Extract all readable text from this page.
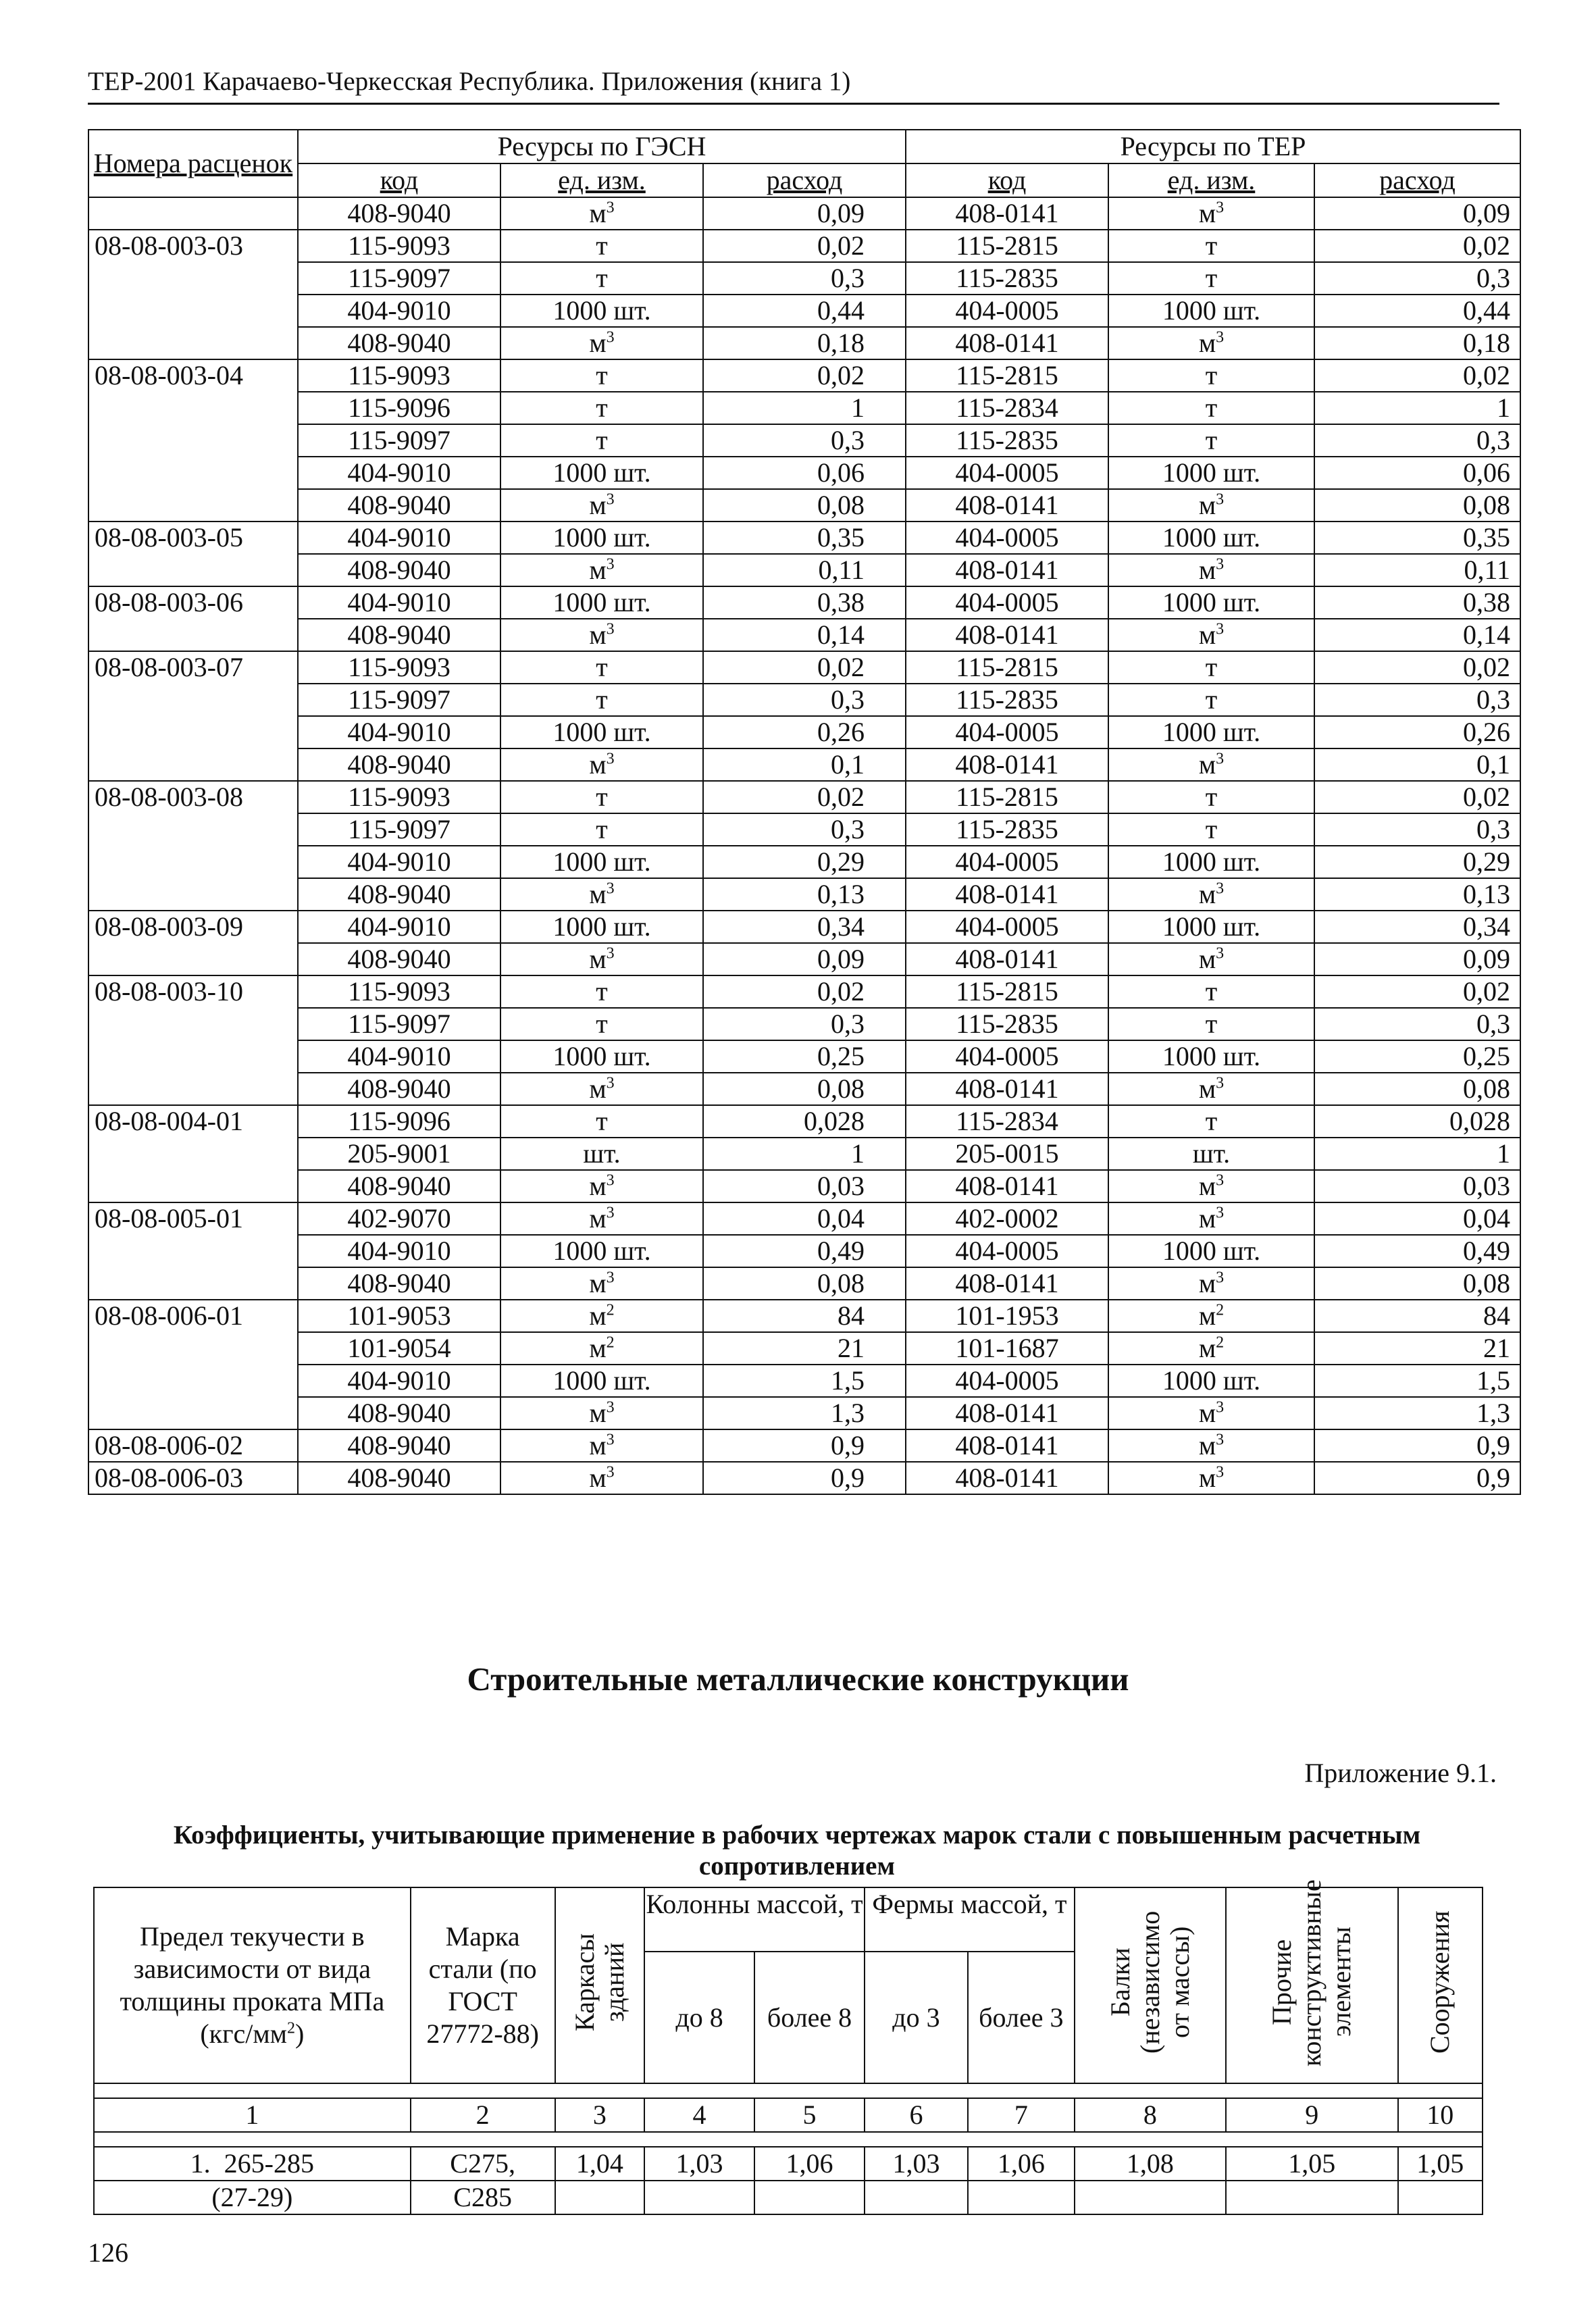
ТЕР-2001 Карачаево-Черкесская Республика. Приложения (книга 1)
Номера расценок	Ресурсы по ГЭСН			Ресурсы по ТЕР		
	код	ед. изм.	расход	код	ед. изм.	расход
	408-9040	$м^3$	0,09	408-0141	$м^3$	0,09
08-08-003-03	115-9093	т	0,02	115-2815	т	0,02
	115-9097	т	0,3	115-2835	т	0,3
	404-9010	1000 шт.	0,44	404-0005	1000 шт.	0,44
	408-9040	$м^3$	0,18	408-0141	$м^3$	0,18
08-08-003-04	115-9093	т	0,02	115-2815	т	0,02
	115-9096	т	1	115-2834	т	1
	115-9097	т	0,3	115-2835	т	0,3
	404-9010	1000 шт.	0,06	404-0005	1000 шт.	0,06
	408-9040	$м^3$	0,08	408-0141	$м^3$	0,08
08-08-003-05	404-9010	1000 шт.	0,35	404-0005	1000 шт.	0,35
	408-9040	$м^3$	0,11	408-0141	$м^3$	0,11
08-08-003-06	404-9010	1000 шт.	0,38	404-0005	1000 шт.	0,38
	408-9040	$м^3$	0,14	408-0141	$м^3$	0,14
08-08-003-07	115-9093	т	0,02	115-2815	т	0,02
	115-9097	т	0,3	115-2835	т	0,3
	404-9010	1000 шт.	0,26	404-0005	1000 шт.	0,26
	408-9040	$м^3$	0,1	408-0141	$м^3$	0,1
08-08-003-08	115-9093	т	0,02	115-2815	т	0,02
	115-9097	т	0,3	115-2835	т	0,3
	404-9010	1000 шт.	0,29	404-0005	1000 шт.	0,29
	408-9040	$м^3$	0,13	408-0141	$м^3$	0,13
08-08-003-09	404-9010	1000 шт.	0,34	404-0005	1000 шт.	0,34
	408-9040	$м^3$	0,09	408-0141	$м^3$	0,09
08-08-003-10	115-9093	т	0,02	115-2815	т	0,02
	115-9097	т	0,3	115-2835	т	0,3
	404-9010	1000 шт.	0,25	404-0005	1000 шт.	0,25
	408-9040	$м^3$	0,08	408-0141	$м^3$	0,08
08-08-004-01	115-9096	т	0,028	115-2834	т	0,028
	205-9001	шт.	1	205-0015	шт.	1
	408-9040	$м^3$	0,03	408-0141	$м^3$	0,03
08-08-005-01	402-9070	$м^3$	0,04	402-0002	$м^3$	0,04
	404-9010	1000 шт.	0,49	404-0005	1000 шт.	0,49
	408-9040	$м^3$	0,08	408-0141	$м^3$	0,08
08-08-006-01	101-9053	$м^2$	84	101-1953	$м^2$	84
	101-9054	$м^2$	21	101-1687	$м^2$	21
	404-9010	1000 шт.	1,5	404-0005	1000 шт.	1,5
	408-9040	$м^3$	1,3	408-0141	$м^3$	1,3
08-08-006-02	408-9040	$м^3$	0,9	408-0141	$м^3$	0,9
08-08-006-03	408-9040	$м^3$	0,9	408-0141	$м^3$	0,9
Строительные металлические конструкции
Приложение 9.1.
Коэффициенты, учитывающие применение в рабочих чертежах марок стали с повышенным расчетным сопротивлением
Предел текучести в зависимости от вида толщины проката МПа $(кгс/мм^2)$	Марка стали (по ГОСТ 27772-88)	Каркасы зданий	Колонны массой, т		Фермы массой, т		Балки (независимо от массы)	Прочие конструктивные элементы	Сооружения
			до 8	более 8	до 3	более 3			

1	2	3	4	5	6	7	8	9	10

1.  265-285	С275,	1,04	1,03	1,06	1,03	1,06	1,08	1,05	1,05
(27-29)	С285								
126
